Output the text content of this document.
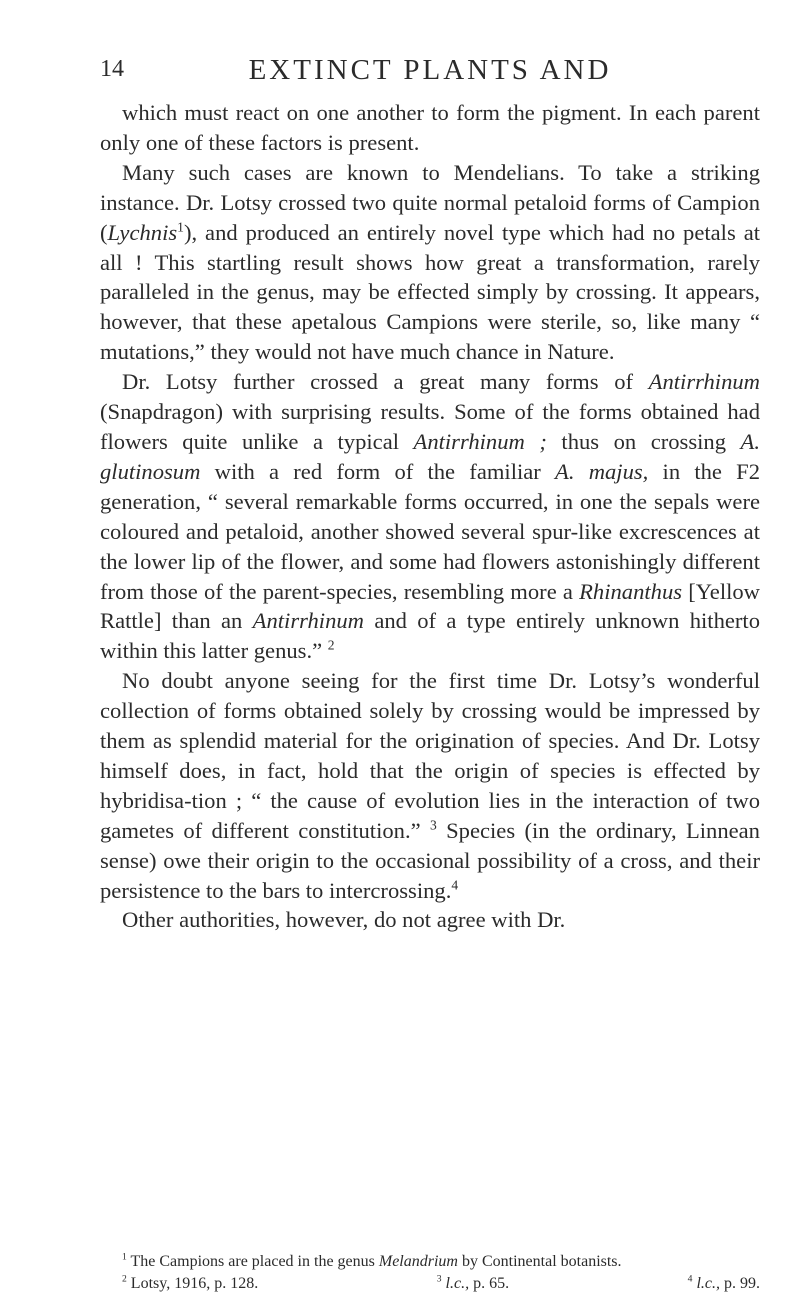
14	EXTINCT PLANTS AND

which must react on one another to form the pigment. In each parent only one of these factors is present.

Many such cases are known to Mendelians. To take a striking instance. Dr. Lotsy crossed two quite normal petaloid forms of Campion (Lychnis$^1$), and produced an entirely novel type which had no petals at all ! This startling result shows how great a transformation, rarely paralleled in the genus, may be effected simply by crossing. It appears, however, that these apetalous Campions were sterile, so, like many “ mutations,” they would not have much chance in Nature.

Dr. Lotsy further crossed a great many forms of Antirrhinum (Snapdragon) with surprising results. Some of the forms obtained had flowers quite unlike a typical Antirrhinum ; thus on crossing A. glutinosum with a red form of the familiar A. majus, in the F2 generation, “ several remarkable forms occurred, in one the sepals were coloured and petaloid, another showed several spur-like excrescences at the lower lip of the flower, and some had flowers astonishingly different from those of the parent-species, resembling more a Rhinanthus [Yellow Rattle] than an Antirrhinum and of a type entirely unknown hitherto within this latter genus.” $^2$

No doubt anyone seeing for the first time Dr. Lotsy’s wonderful collection of forms obtained solely by crossing would be impressed by them as splendid material for the origination of species. And Dr. Lotsy himself does, in fact, hold that the origin of species is effected by hybridisa-tion ; “ the cause of evolution lies in the interaction of two gametes of different constitution.” $^3$ Species (in the ordinary, Linnean sense) owe their origin to the occasional possibility of a cross, and their persistence to the bars to intercrossing.$^4$

Other authorities, however, do not agree with Dr.

$^1$ The Campions are placed in the genus Melandrium by Continental botanists.

$^2$ Lotsy, 1916, p. 128.	$^3$ l.c., p. 65.	$^4$ l.c., p. 99.
